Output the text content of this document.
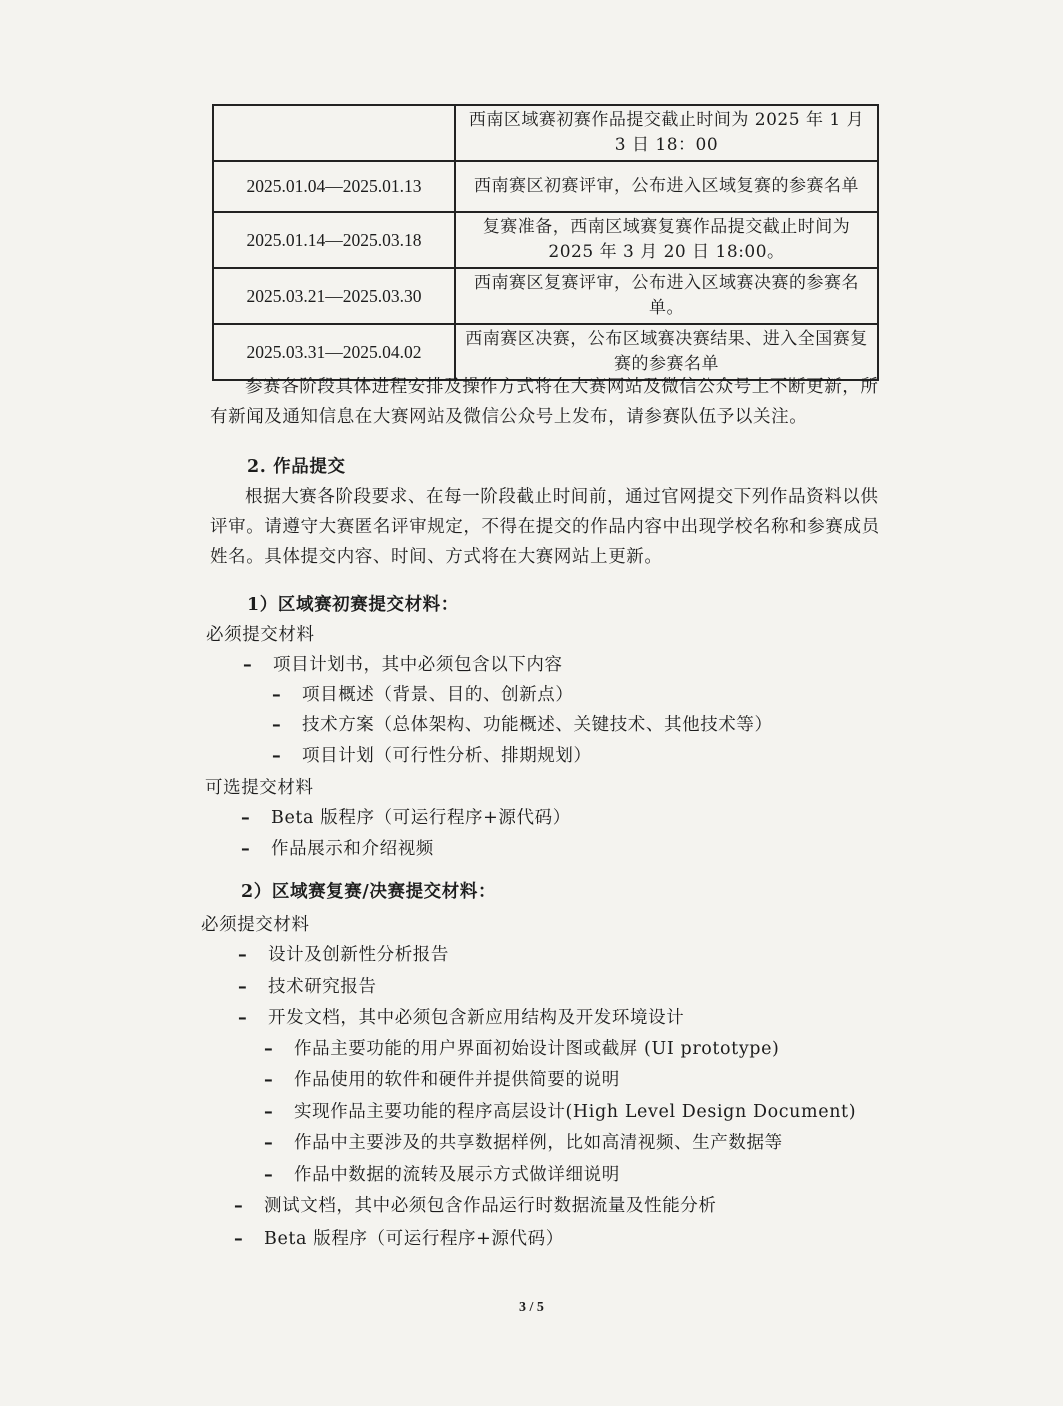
	西南区域赛初赛作品提交截止时间为 2025 年 1 月 3 日 18：00
2025.01.04—2025.01.13	西南赛区初赛评审，公布进入区域复赛的参赛名单
2025.01.14—2025.03.18	复赛准备，西南区域赛复赛作品提交截止时间为 2025 年 3 月 20 日 18:00。
2025.03.21—2025.03.30	西南赛区复赛评审，公布进入区域赛决赛的参赛名单。
2025.03.31—2025.04.02	西南赛区决赛，公布区域赛决赛结果、进入全国赛复赛的参赛名单
参赛各阶段具体进程安排及操作方式将在大赛网站及微信公众号上不断更新，所有新闻及通知信息在大赛网站及微信公众号上发布，请参赛队伍予以关注。
2. 作品提交
根据大赛各阶段要求、在每一阶段截止时间前，通过官网提交下列作品资料以供评审。请遵守大赛匿名评审规定，不得在提交的作品内容中出现学校名称和参赛成员姓名。具体提交内容、时间、方式将在大赛网站上更新。
1）区域赛初赛提交材料：
必须提交材料
– 项目计划书，其中必须包含以下内容
– 项目概述（背景、目的、创新点）
– 技术方案（总体架构、功能概述、关键技术、其他技术等）
– 项目计划（可行性分析、排期规划）
可选提交材料
– Beta 版程序（可运行程序+源代码）
– 作品展示和介绍视频
2）区域赛复赛/决赛提交材料：
必须提交材料
– 设计及创新性分析报告
– 技术研究报告
– 开发文档，其中必须包含新应用结构及开发环境设计
– 作品主要功能的用户界面初始设计图或截屏 (UI prototype)
– 作品使用的软件和硬件并提供简要的说明
– 实现作品主要功能的程序高层设计(High Level Design Document)
– 作品中主要涉及的共享数据样例，比如高清视频、生产数据等
– 作品中数据的流转及展示方式做详细说明
– 测试文档，其中必须包含作品运行时数据流量及性能分析
– Beta 版程序（可运行程序+源代码）
3 / 5
